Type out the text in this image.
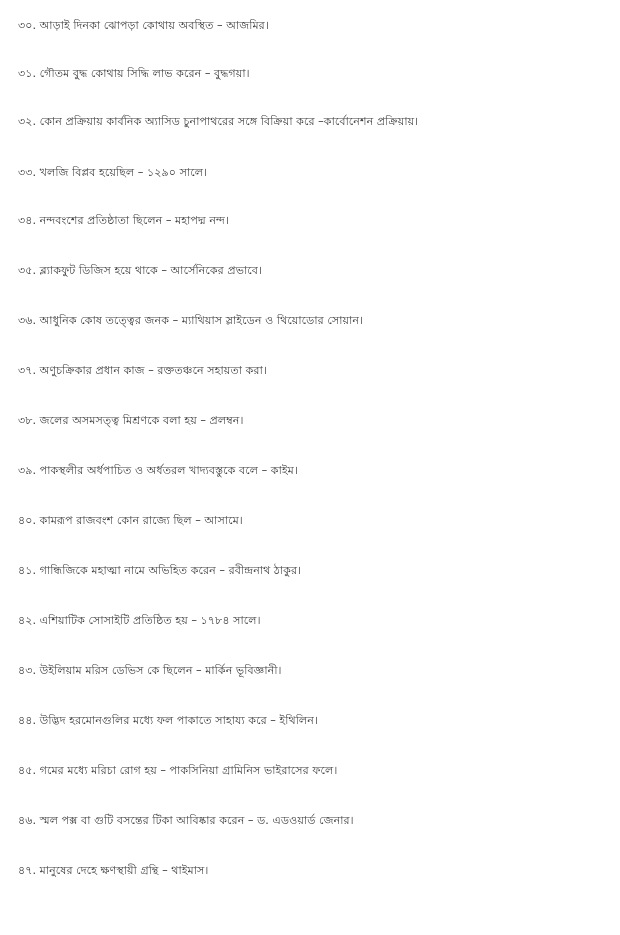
৩০. আড়াই দিনকা ঝোপড়া কোথায় অবস্থিত – আজমির।
৩১. গৌতম বুদ্ধ কোথায় সিদ্ধি লাভ করেন – বুদ্ধগয়া।
৩২. কোন প্রক্রিয়ায় কার্বনিক অ্যাসিড চুনাপাথরের সঙ্গে বিক্রিয়া করে –কার্বোনেশন প্রক্রিয়ায়।
৩৩. খলজি বিপ্লব হয়েছিল – ১২৯০ সালে।
৩৪. নন্দবংশের প্রতিষ্ঠাতা ছিলেন – মহাপদ্ম নন্দ।
৩৫. ব্ল্যাকফুট ডিজিস হয়ে থাকে – আর্সেনিকের প্রভাবে।
৩৬. আধুনিক কোষ তত্ত্বের জনক – ম্যাথিয়াস স্লাইডেন ও থিয়োডোর সোয়ান।
৩৭. অণুচক্রিকার প্রধান কাজ – রক্ততঞ্চনে সহায়তা করা।
৩৮. জলের অসমসত্ত্ব মিশ্রণকে বলা হয় – প্রলম্বন।
৩৯. পাকস্থলীর অর্ধপাচিত ও অর্ধতরল খাদ্যবস্তুকে বলে – কাইম।
৪০. কামরূপ রাজবংশ কোন রাজ্যে ছিল – আসামে।
৪১. গান্ধিজিকে মহাত্মা নামে অভিহিত করেন – রবীন্দ্রনাথ ঠাকুর।
৪২. এশিয়াটিক সোসাইটি প্রতিষ্ঠিত হয় – ১৭৮৪ সালে।
৪৩. উইলিয়াম মরিস ডেভিস কে ছিলেন – মার্কিন ভূবিজ্ঞানী।
৪৪. উদ্ভিদ হরমোনগুলির মধ্যে ফল পাকাতে সাহায্য করে – ইথিলিন।
৪৫. গমের মধ্যে মরিচা রোগ হয় – পাকসিনিয়া গ্রামিনিস ভাইরাসের ফলে।
৪৬. স্মল পক্স বা গুটি বসন্তের টিকা আবিষ্কার করেন – ড. এডওয়ার্ড জেনার।
৪৭. মানুষের দেহে ক্ষণস্থায়ী গ্রন্থি – থাইমাস।
